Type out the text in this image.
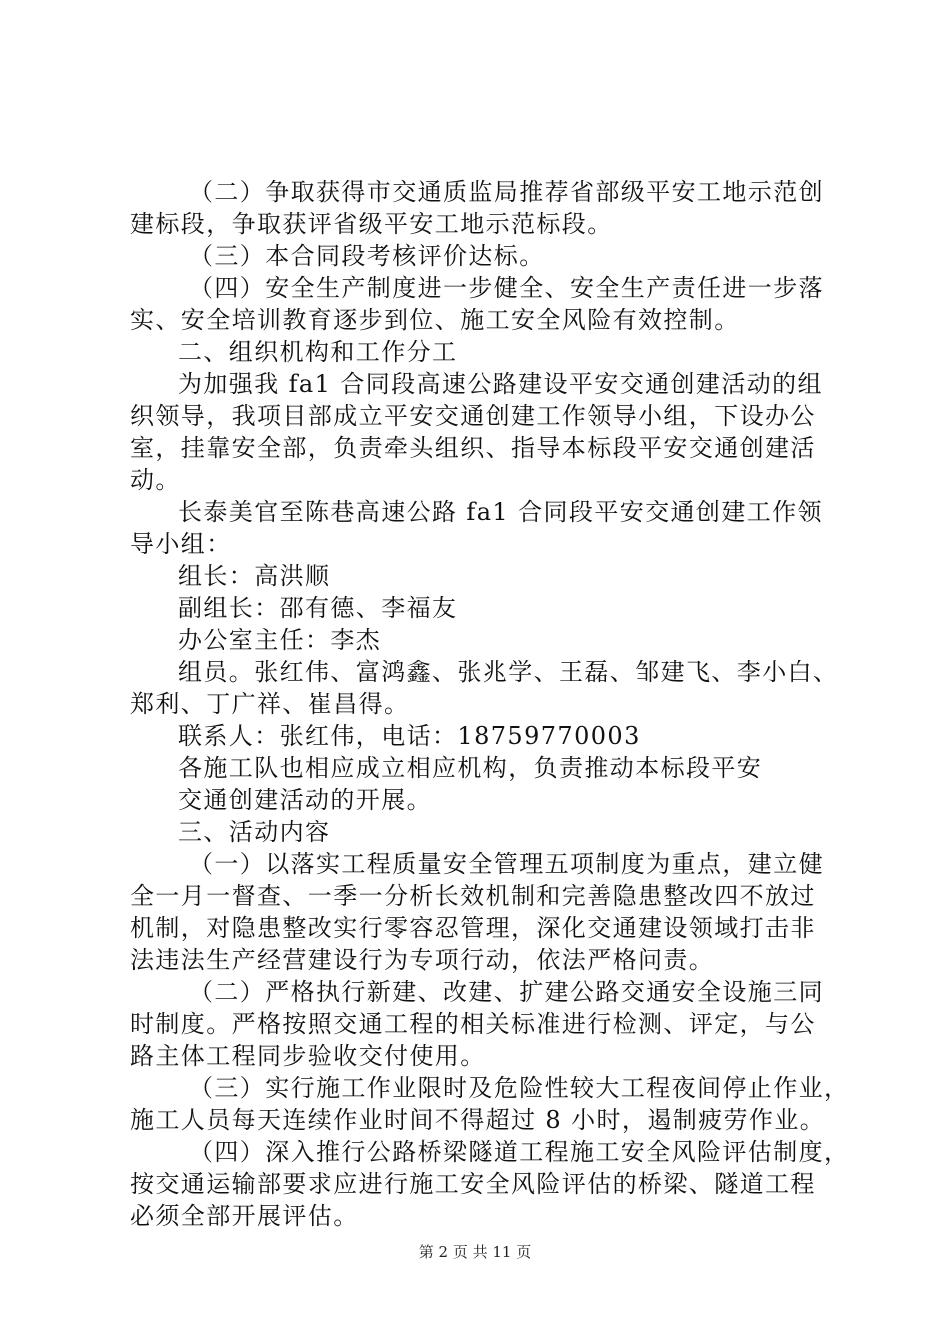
（二）争取获得市交通质监局推荐省部级平安工地示范创
建标段，争取获评省级平安工地示范标段。
（三）本合同段考核评价达标。
（四）安全生产制度进一步健全、安全生产责任进一步落
实、安全培训教育逐步到位、施工安全风险有效控制。
二、组织机构和工作分工
为加强我 fa1 合同段高速公路建设平安交通创建活动的组
织领导，我项目部成立平安交通创建工作领导小组，下设办公
室，挂靠安全部，负责牵头组织、指导本标段平安交通创建活
动。
长泰美官至陈巷高速公路 fa1 合同段平安交通创建工作领
导小组：
组长：高洪顺
副组长：邵有德、李福友
办公室主任：李杰
组员。张红伟、富鸿鑫、张兆学、王磊、邹建飞、李小白、
郑利、丁广祥、崔昌得。
联系人：张红伟，电话：18759770003
各施工队也相应成立相应机构，负责推动本标段平安
交通创建活动的开展。
三、活动内容
（一）以落实工程质量安全管理五项制度为重点，建立健
全一月一督查、一季一分析长效机制和完善隐患整改四不放过
机制，对隐患整改实行零容忍管理，深化交通建设领域打击非
法违法生产经营建设行为专项行动，依法严格问责。
（二）严格执行新建、改建、扩建公路交通安全设施三同
时制度。严格按照交通工程的相关标准进行检测、评定，与公
路主体工程同步验收交付使用。
（三）实行施工作业限时及危险性较大工程夜间停止作业，
施工人员每天连续作业时间不得超过 8 小时，遏制疲劳作业。
（四）深入推行公路桥梁隧道工程施工安全风险评估制度，
按交通运输部要求应进行施工安全风险评估的桥梁、隧道工程
必须全部开展评估。
第 2 页 共 11 页
